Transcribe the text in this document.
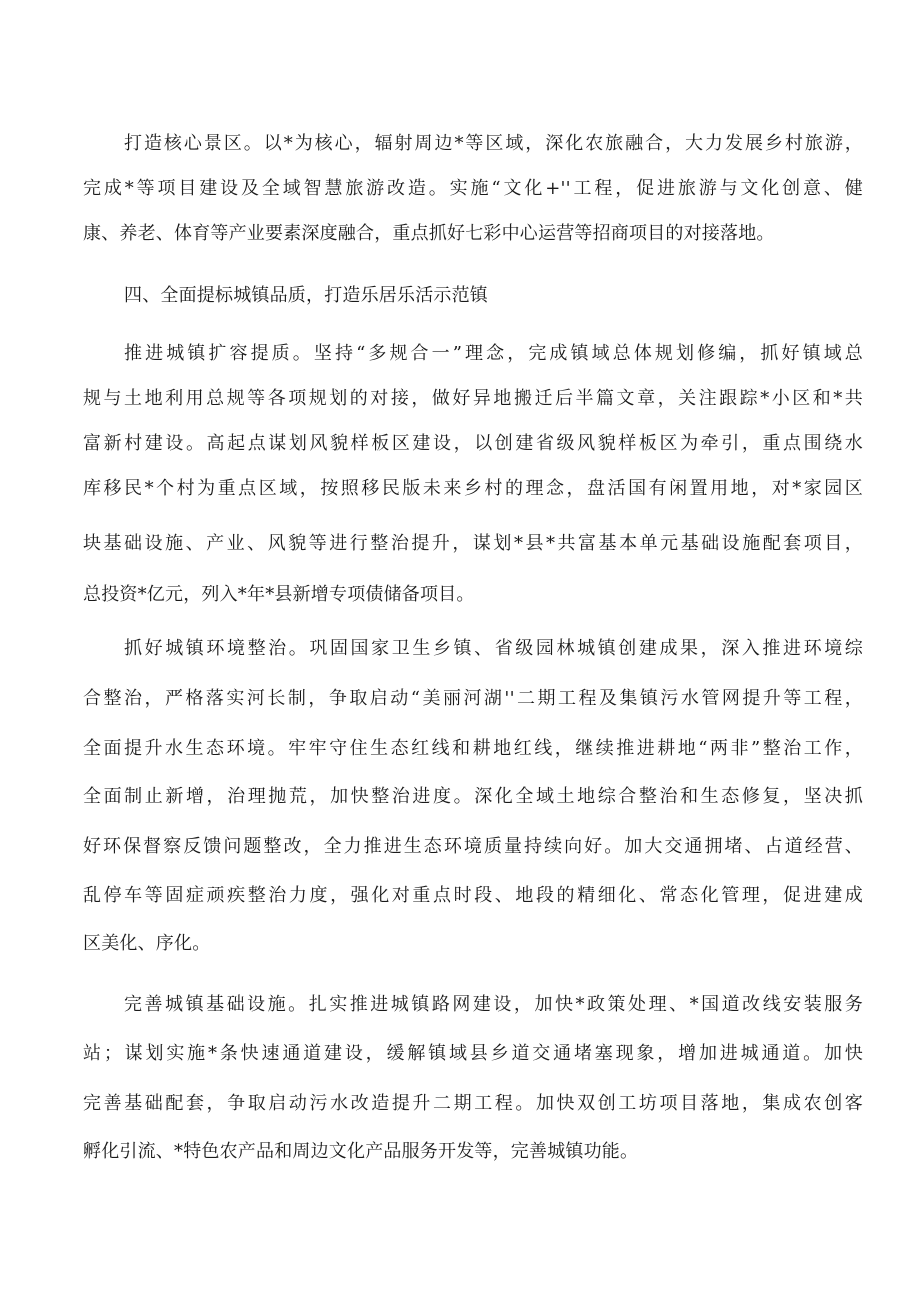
打造核心景区。以*为核心，辐射周边*等区域，深化农旅融合，大力发展乡村旅游，
完成*等项目建设及全域智慧旅游改造。实施“文化+''工程，促进旅游与文化创意、健
康、养老、体育等产业要素深度融合，重点抓好七彩中心运营等招商项目的对接落地。
四、全面提标城镇品质，打造乐居乐活示范镇
推进城镇扩容提质。坚持“多规合一”理念，完成镇域总体规划修编，抓好镇域总
规与土地利用总规等各项规划的对接，做好异地搬迁后半篇文章，关注跟踪*小区和*共
富新村建设。高起点谋划风貌样板区建设，以创建省级风貌样板区为牵引，重点围绕水
库移民*个村为重点区域，按照移民版未来乡村的理念，盘活国有闲置用地，对*家园区
块基础设施、产业、风貌等进行整治提升，谋划*县*共富基本单元基础设施配套项目，
总投资*亿元，列入*年*县新增专项债储备项目。
抓好城镇环境整治。巩固国家卫生乡镇、省级园林城镇创建成果，深入推进环境综
合整治，严格落实河长制，争取启动“美丽河湖''二期工程及集镇污水管网提升等工程，
全面提升水生态环境。牢牢守住生态红线和耕地红线，继续推进耕地“两非”整治工作，
全面制止新增，治理抛荒，加快整治进度。深化全域土地综合整治和生态修复，坚决抓
好环保督察反馈问题整改，全力推进生态环境质量持续向好。加大交通拥堵、占道经营、
乱停车等固症顽疾整治力度，强化对重点时段、地段的精细化、常态化管理，促进建成
区美化、序化。
完善城镇基础设施。扎实推进城镇路网建设，加快*政策处理、*国道改线安装服务
站；谋划实施*条快速通道建设，缓解镇域县乡道交通堵塞现象，增加进城通道。加快
完善基础配套，争取启动污水改造提升二期工程。加快双创工坊项目落地，集成农创客
孵化引流、*特色农产品和周边文化产品服务开发等，完善城镇功能。
